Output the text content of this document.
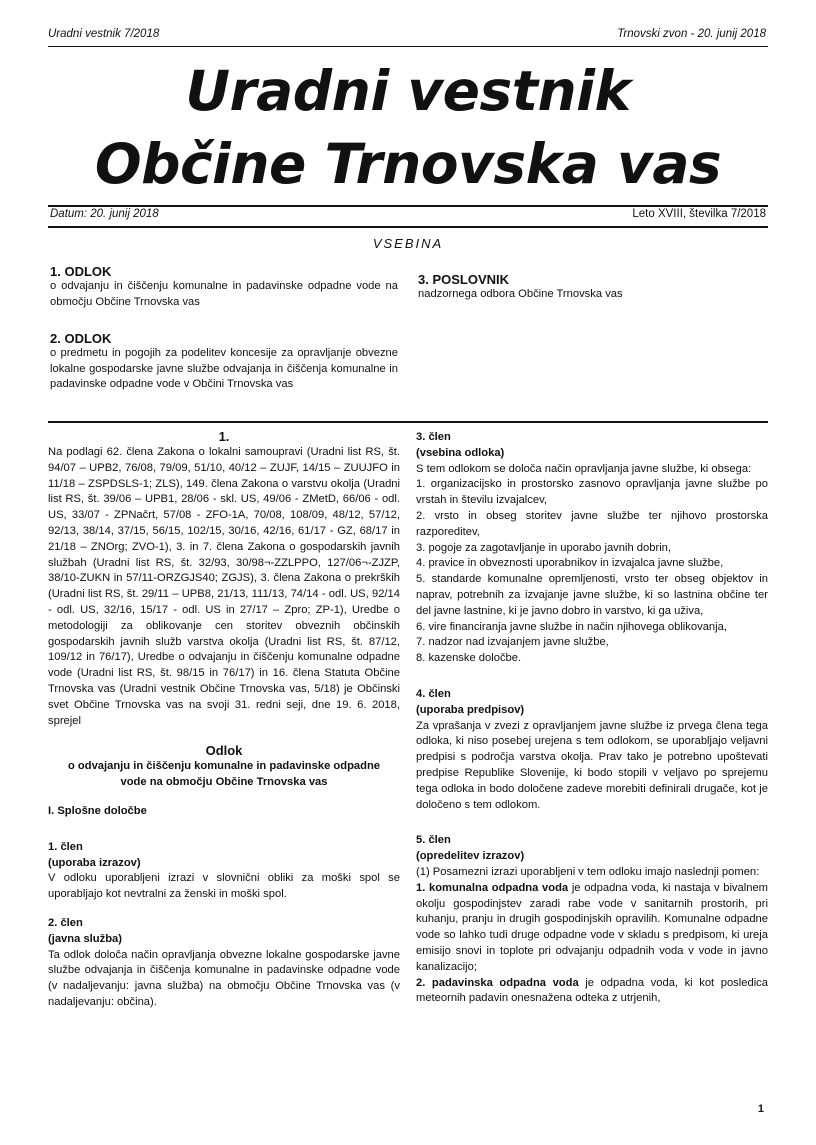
Uradni vestnik 7/2018	Trnovski zvon - 20. junij 2018
Uradni vestnik
Občine Trnovska vas
Datum: 20. junij 2018	Leto XVIII, številka 7/2018
VSEBINA
1. ODLOK
o odvajanju in čiščenju komunalne in padavinske odpadne vode na območju Občine Trnovska vas
2. ODLOK
o predmetu in pogojih za podelitev koncesije za opravljanje obvezne lokalne gospodarske javne službe odvajanja in čiščenja komunalne in padavinske odpadne vode v Občini Trnovska vas
3. POSLOVNIK
nadzornega odbora Občine Trnovska vas

1.

Na podlagi 62. člena Zakona o lokalni samoupravi (Uradni list RS, št. 94/07 – UPB2, 76/08, 79/09, 51/10, 40/12 – ZUJF, 14/15 – ZUUJFO in 11/18 – ZSPDSLS-1; ZLS), 149. člena Zakona o varstvu okolja (Uradni list RS, št. 39/06 – UPB1, 28/06 - skl. US, 49/06 - ZMetD, 66/06 - odl. US, 33/07 - ZPNačrt, 57/08 - ZFO-1A, 70/08, 108/09, 48/12, 57/12, 92/13, 38/14, 37/15, 56/15, 102/15, 30/16, 42/16, 61/17 - GZ, 68/17 in 21/18 – ZNOrg; ZVO-1), 3. in 7. člena Zakona o gospodarskih javnih službah (Uradni list RS, št. 32/93, 30/98¬-ZZLPPO, 127/06¬-ZJZP, 38/10-ZUKN in 57/11-ORZGJS40; ZGJS), 3. člena Zakona o prekrških (Uradni list RS, št. 29/11 – UPB8, 21/13, 111/13, 74/14 - odl. US, 92/14 - odl. US, 32/16, 15/17 - odl. US in 27/17 – Zpro; ZP-1), Uredbe o metodologiji za oblikovanje cen storitev obveznih občinskih gospodarskih javnih služb varstva okolja (Uradni list RS, št. 87/12, 109/12 in 76/17), Uredbe o odvajanju in čiščenju komunalne odpadne vode (Uradni list RS, št. 98/15 in 76/17) in 16. člena Statuta Občine Trnovska vas (Uradni vestnik Občine Trnovska vas, 5/18) je Občinski svet Občine Trnovska vas na svoji 31. redni seji, dne 19. 6. 2018, sprejel

Odlok

o odvajanju in čiščenju komunalne in padavinske odpadne vode na območju Občine Trnovska vas

I. Splošne določbe

1. člen

(uporaba izrazov)

V odloku uporabljeni izrazi v slovnični obliki za moški spol se uporabljajo kot nevtralni za ženski in moški spol.

2. člen

(javna služba)

Ta odlok določa način opravljanja obvezne lokalne gospodarske javne službe odvajanja in čiščenja komunalne in padavinske odpadne vode (v nadaljevanju: javna služba) na območju Občine Trnovska vas (v nadaljevanju: občina).

3. člen

(vsebina odloka)

S tem odlokom se določa način opravljanja javne službe, ki obsega:

1. organizacijsko in prostorsko zasnovo opravljanja javne službe po vrstah in številu izvajalcev,

2. vrsto in obseg storitev javne službe ter njihovo prostorska razporeditev,

3. pogoje za zagotavljanje in uporabo javnih dobrin,

4. pravice in obveznosti uporabnikov in izvajalca javne službe,

5. standarde komunalne opremljenosti, vrsto ter obseg objektov in naprav, potrebnih za izvajanje javne službe, ki so lastnina občine ter del javne lastnine, ki je javno dobro in varstvo, ki ga uživa,

6. vire financiranja javne službe in način njihovega oblikovanja,

7. nadzor nad izvajanjem javne službe,

8. kazenske določbe.

4. člen

(uporaba predpisov)

Za vprašanja v zvezi z opravljanjem javne službe iz prvega člena tega odloka, ki niso posebej urejena s tem odlokom, se uporabljajo veljavni predpisi s področja varstva okolja. Prav tako je potrebno upoštevati predpise Republike Slovenije, ki bodo stopili v veljavo po sprejemu tega odloka in bodo določene zadeve morebiti definirali drugače, kot je določeno s tem odlokom.

5. člen

(opredelitev izrazov)

(1) Posamezni izrazi uporabljeni v tem odloku imajo naslednji pomen:

1. komunalna odpadna voda je odpadna voda, ki nastaja v bivalnem okolju gospodinjstev zaradi rabe vode v sanitarnih prostorih, pri kuhanju, pranju in drugih gospodinjskih opravilih. Komunalne odpadne vode so lahko tudi druge odpadne vode v skladu s predpisom, ki ureja emisijo snovi in toplote pri odvajanju odpadnih voda v vode in javno kanalizacijo;

2. padavinska odpadna voda je odpadna voda, ki kot posledica meteornih padavin onesnažena odteka z utrjenih,

1
